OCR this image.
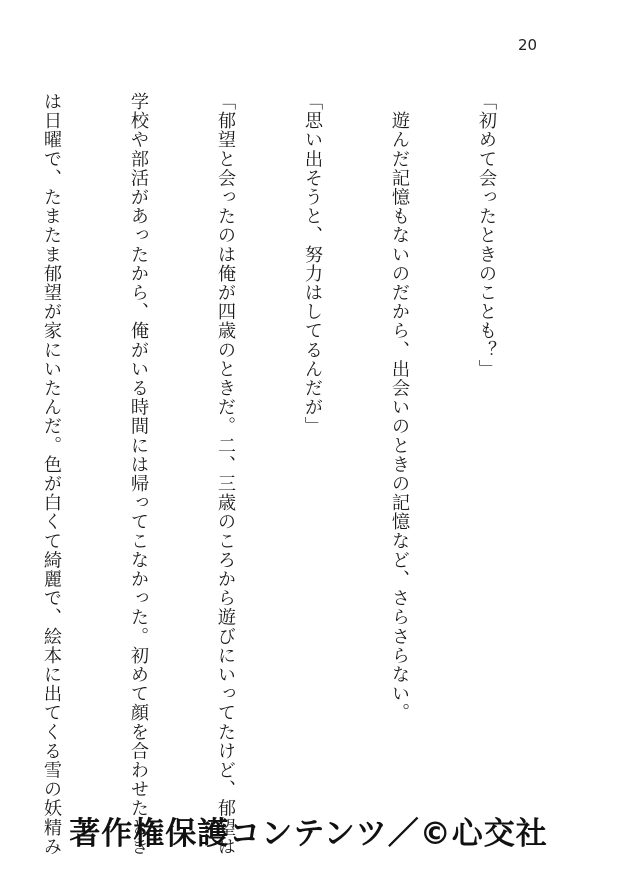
20

「初めて会ったときのことも？」

　遊んだ記憶もないのだから、出会いのときの記憶など、さらさらない。

「思い出そうと、努力はしてるんだが」

「郁望と会ったのは俺が四歳のときだ。二、三歳のころから遊びにいってたけど、郁望は

学校や部活があったから、俺がいる時間には帰ってこなかった。初めて顔を合わせたとき

は日曜で、たまたま郁望が家にいたんだ。色が白くて綺麗で、絵本に出てくる雪の妖精み

著作権保護コンテンツ／©心交社
